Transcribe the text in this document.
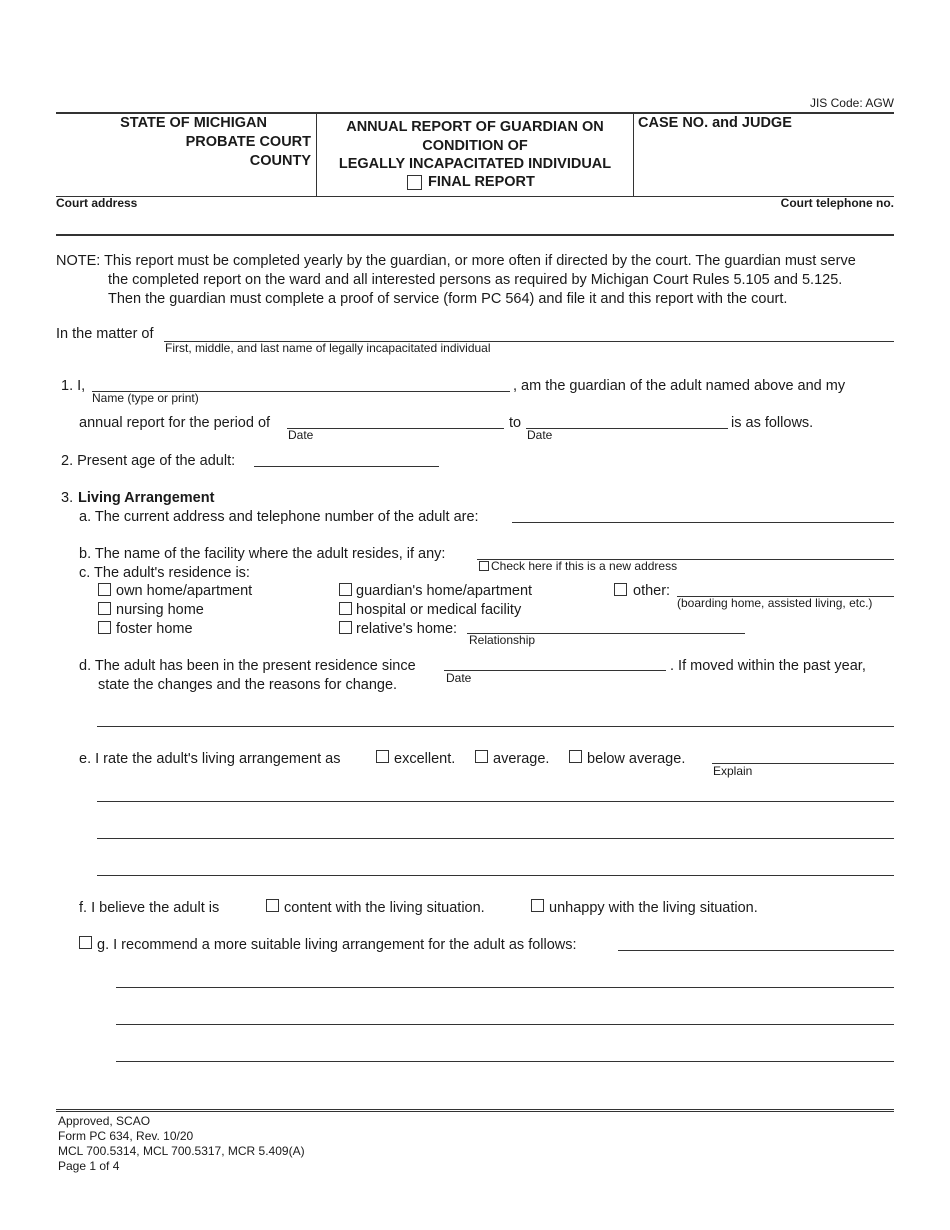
JIS Code: AGW
STATE OF MICHIGAN
PROBATE COURT
COUNTY
ANNUAL REPORT OF GUARDIAN ON
CONDITION OF
LEGALLY INCAPACITATED INDIVIDUAL
FINAL REPORT
CASE NO. and JUDGE
Court address	Court telephone no.
NOTE: This report must be completed yearly by the guardian, or more often if directed by the court. The guardian must serve
the completed report on the ward and all interested persons as required by Michigan Court Rules 5.105 and 5.125.
Then the guardian must complete a proof of service (form PC 564) and file it and this report with the court.
In the matter of
First, middle, and last name of legally incapacitated individual
1. I,
Name (type or print)
, am the guardian of the adult named above and my
annual report for the period of
Date
to
Date
is as follows.
2. Present age of the adult:
3. Living Arrangement
a. The current address and telephone number of the adult are:
b. The name of the facility where the adult resides, if any:
Check here if this is a new address
c. The adult's residence is:
own home/apartment
nursing home
foster home
guardian's home/apartment
hospital or medical facility
relative's home:
Relationship
other:
(boarding home, assisted living, etc.)
d. The adult has been in the present residence since
Date
. If moved within the past year,
state the changes and the reasons for change.
e. I rate the adult's living arrangement as	excellent.	average.	below average.
Explain
f. I believe the adult is	content with the living situation.	unhappy with the living situation.
g. I recommend a more suitable living arrangement for the adult as follows:
Approved, SCAO
Form PC 634, Rev. 10/20
MCL 700.5314, MCL 700.5317, MCR 5.409(A)
Page 1 of 4
